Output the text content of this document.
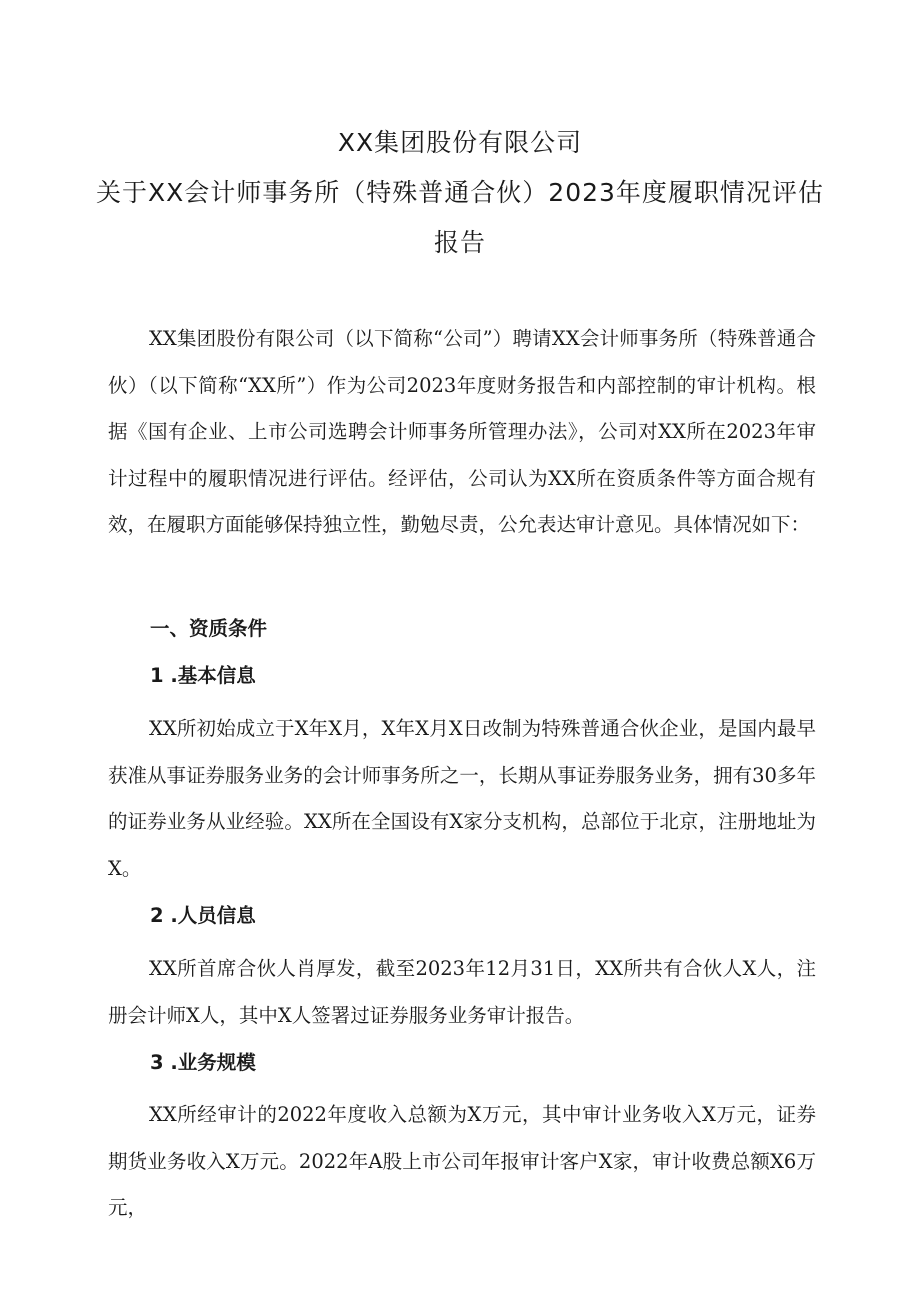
XX集团股份有限公司
关于XX会计师事务所（特殊普通合伙）2023年度履职情况评估
报告

XX集团股份有限公司（以下简称“公司”）聘请XX会计师事务所（特殊普通合伙）（以下简称“XX所”）作为公司2023年度财务报告和内部控制的审计机构。根据《国有企业、上市公司选聘会计师事务所管理办法》，公司对XX所在2023年审计过程中的履职情况进行评估。经评估，公司认为XX所在资质条件等方面合规有效，在履职方面能够保持独立性，勤勉尽责，公允表达审计意见。具体情况如下：

一、资质条件
1 .基本信息

XX所初始成立于X年X月，X年X月X日改制为特殊普通合伙企业，是国内最早获准从事证券服务业务的会计师事务所之一，长期从事证券服务业务，拥有30多年的证券业务从业经验。XX所在全国设有X家分支机构，总部位于北京，注册地址为X。

2 .人员信息

XX所首席合伙人肖厚发，截至2023年12月31日，XX所共有合伙人X人，注册会计师X人，其中X人签署过证券服务业务审计报告。

3 .业务规模

XX所经审计的2022年度收入总额为X万元，其中审计业务收入X万元，证券期货业务收入X万元。2022年A股上市公司年报审计客户X家，审计收费总额X6万元，
